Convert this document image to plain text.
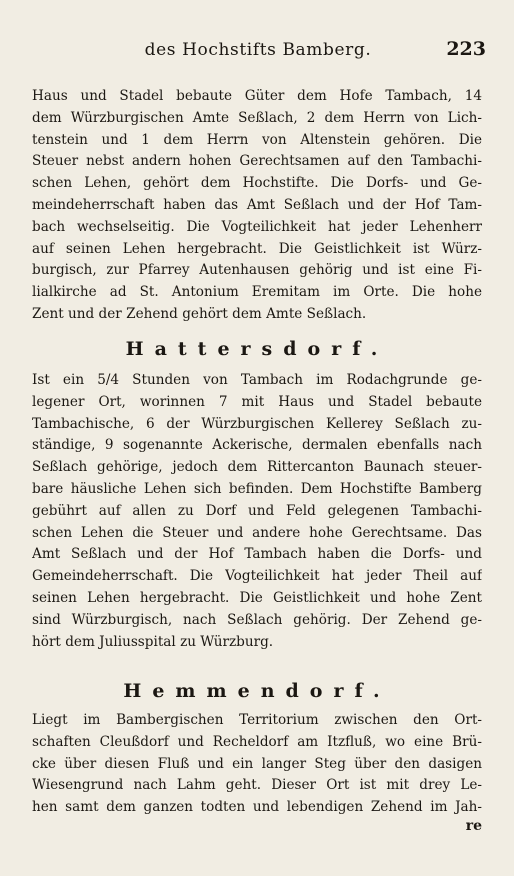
des Hochstifts Bamberg.	223
Haus und Stadel bebaute Güter dem Hofe Tambach, 14
dem Würzburgischen Amte Seßlach, 2 dem Herrn von Lich-
tenstein und 1 dem Herrn von Altenstein gehören. Die
Steuer nebst andern hohen Gerechtsamen auf den Tambachi-
schen Lehen, gehört dem Hochstifte. Die Dorfs- und Ge-
meindeherrschaft haben das Amt Seßlach und der Hof Tam-
bach wechselseitig. Die Vogteilichkeit hat jeder Lehenherr
auf seinen Lehen hergebracht. Die Geistlichkeit ist Würz-
burgisch, zur Pfarrey Autenhausen gehörig und ist eine Fi-
lialkirche ad St. Antonium Eremitam im Orte. Die hohe
Zent und der Zehend gehört dem Amte Seßlach.
Hattersdorf.
Ist ein 5/4 Stunden von Tambach im Rodachgrunde ge-
legener Ort, worinnen 7 mit Haus und Stadel bebaute
Tambachische, 6 der Würzburgischen Kellerey Seßlach zu-
ständige, 9 sogenannte Ackerische, dermalen ebenfalls nach
Seßlach gehörige, jedoch dem Rittercanton Baunach steuer-
bare häusliche Lehen sich befinden. Dem Hochstifte Bamberg
gebührt auf allen zu Dorf und Feld gelegenen Tambachi-
schen Lehen die Steuer und andere hohe Gerechtsame. Das
Amt Seßlach und der Hof Tambach haben die Dorfs- und
Gemeindeherrschaft. Die Vogteilichkeit hat jeder Theil auf
seinen Lehen hergebracht. Die Geistlichkeit und hohe Zent
sind Würzburgisch, nach Seßlach gehörig. Der Zehend ge-
hört dem Juliusspital zu Würzburg.
Hemmendorf.
Liegt im Bambergischen Territorium zwischen den Ort-
schaften Cleußdorf und Recheldorf am Itzfluß, wo eine Brü-
cke über diesen Fluß und ein langer Steg über den dasigen
Wiesengrund nach Lahm geht. Dieser Ort ist mit drey Le-
hen samt dem ganzen todten und lebendigen Zehend im Jah-
re
